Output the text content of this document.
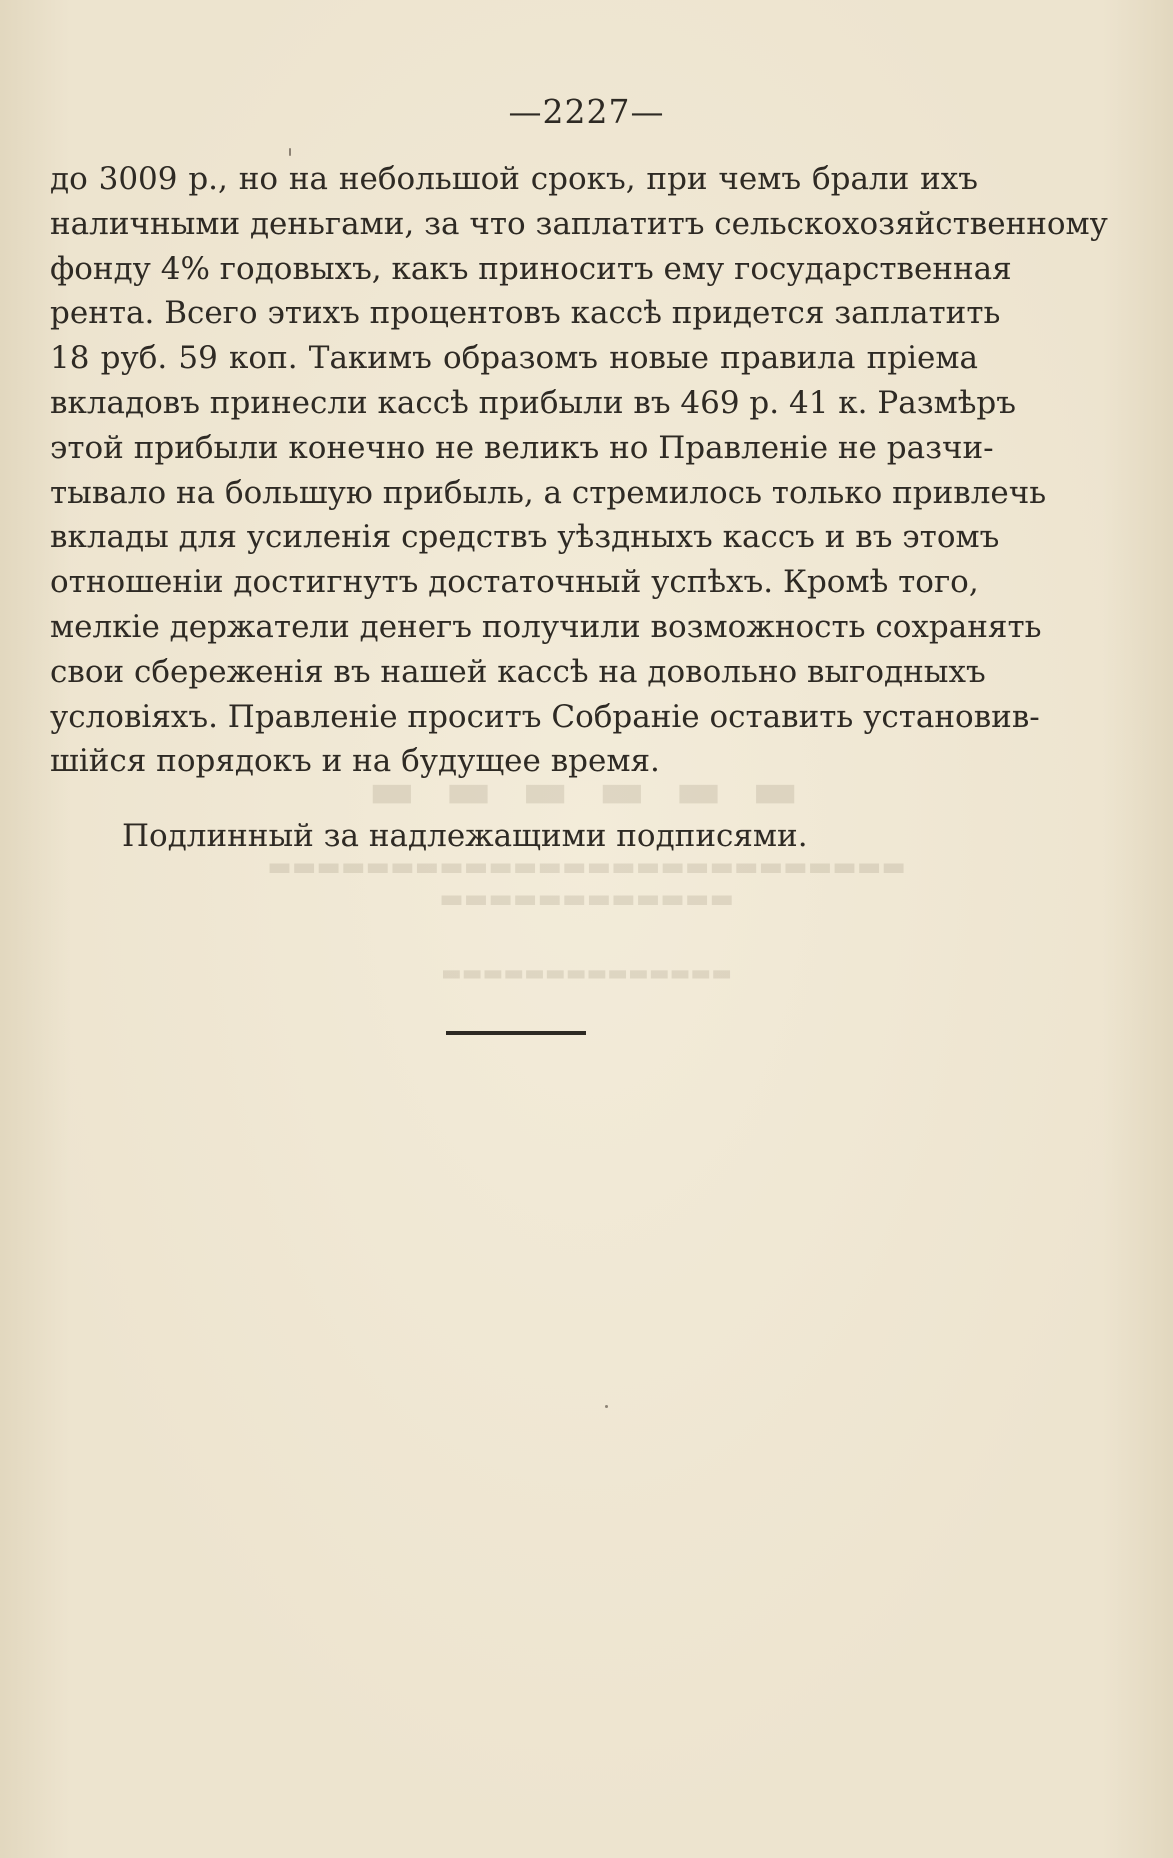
▬ ▬ ▬ ▬ ▬ ▬
▬▬▬▬▬▬▬▬▬▬▬▬▬▬▬▬▬▬▬▬▬▬▬▬▬▬
▬▬▬▬▬▬▬▬▬▬▬▬
▬▬▬▬▬▬▬▬▬▬▬▬▬▬
—2227—
до 3009 р., но на небольшой срокъ, при чемъ брали ихъ
наличными деньгами, за что заплатитъ сельскохозяйственному
фонду 4% годовыхъ, какъ приноситъ ему государственная
рента. Всего этихъ процентовъ кассѣ придется заплатить
18 руб. 59 коп. Такимъ образомъ новые правила пріема
вкладовъ принесли кассѣ прибыли въ 469 р. 41 к. Размѣръ
этой прибыли конечно не великъ но Правленіе не разчи-
тывало на большую прибыль, а стремилось только привлечь
вклады для усиленія средствъ уѣздныхъ кассъ и въ этомъ
отношеніи достигнутъ достаточный успѣхъ. Кромѣ того,
мелкіе держатели денегъ получили возможность сохранять
свои сбереженія въ нашей кассѣ на довольно выгодныхъ
условіяхъ. Правленіе проситъ Собраніе оставить установив-
шійся порядокъ и на будущее время.
Подлинный за надлежащими подписями.
